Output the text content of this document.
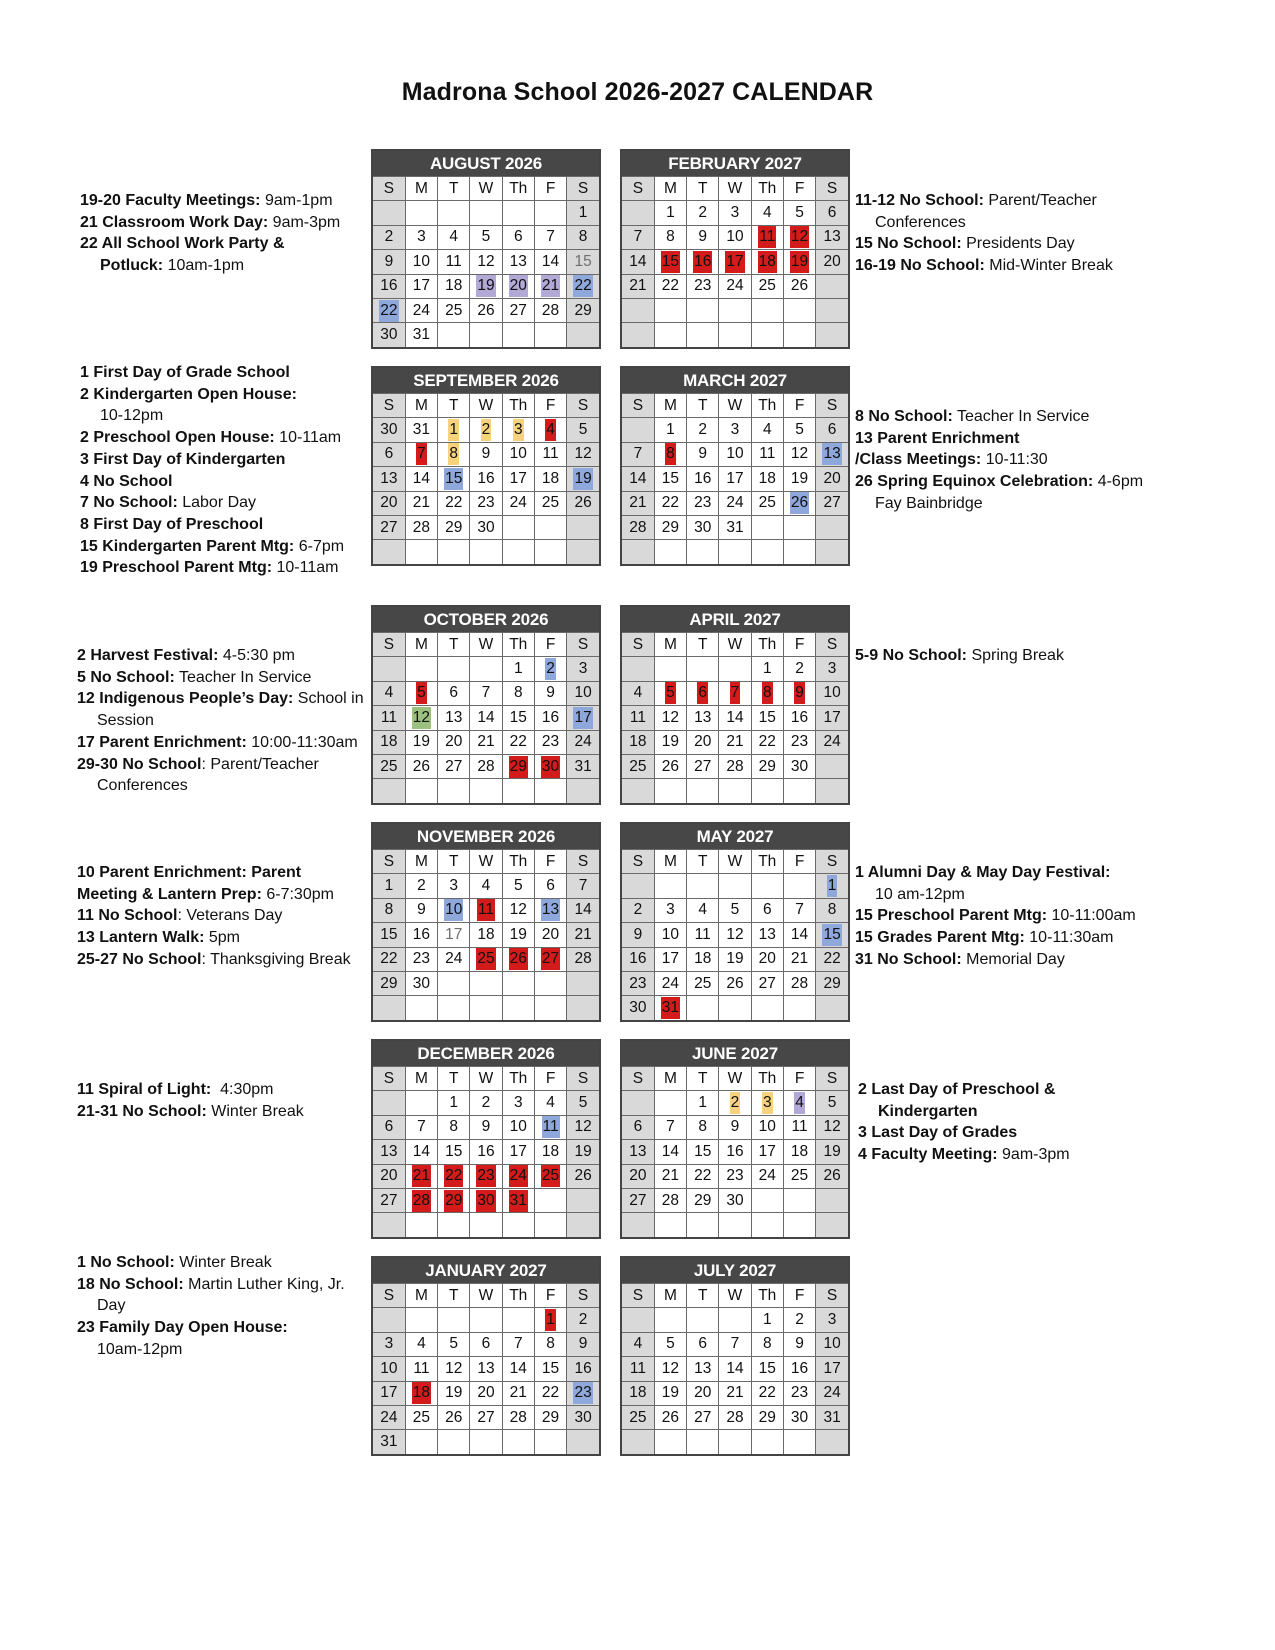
Madrona School 2026-2027 CALENDAR
19-20 Faculty Meetings: 9am-1pm
21 Classroom Work Day: 9am-3pm
22 All School Work Party &
Potluck: 10am-1pm
AUGUST 2026
S	M	T	W	Th	F	S
						1
2	3	4	5	6	7	8
9	10	11	12	13	14	15
16	17	18	19	20	21	22
22	24	25	26	27	28	29
30	31					
FEBRUARY 2027
S	M	T	W	Th	F	S
	1	2	3	4	5	6
7	8	9	10	11	12	13
14	15	16	17	18	19	20
21	22	23	24	25	26	

11-12 No School: Parent/Teacher
Conferences
15 No School: Presidents Day
16-19 No School: Mid-Winter Break
1 First Day of Grade School
2 Kindergarten Open House:
10-12pm
2 Preschool Open House: 10-11am
3 First Day of Kindergarten
4 No School
7 No School: Labor Day
8 First Day of Preschool
15 Kindergarten Parent Mtg: 6-7pm
19 Preschool Parent Mtg: 10-11am
SEPTEMBER 2026
S	M	T	W	Th	F	S
30	31	1	2	3	4	5
6	7	8	9	10	11	12
13	14	15	16	17	18	19
20	21	22	23	24	25	26
27	28	29	30			

MARCH 2027
S	M	T	W	Th	F	S
	1	2	3	4	5	6
7	8	9	10	11	12	13
14	15	16	17	18	19	20
21	22	23	24	25	26	27
28	29	30	31			

8 No School: Teacher In Service
13 Parent Enrichment
/Class Meetings: 10-11:30
26 Spring Equinox Celebration: 4-6pm
Fay Bainbridge
2 Harvest Festival: 4-5:30 pm
5 No School: Teacher In Service
12 Indigenous People’s Day: School in
Session
17 Parent Enrichment: 10:00-11:30am
29-30 No School: Parent/Teacher
Conferences
OCTOBER 2026
S	M	T	W	Th	F	S
				1	2	3
4	5	6	7	8	9	10
11	12	13	14	15	16	17
18	19	20	21	22	23	24
25	26	27	28	29	30	31

APRIL 2027
S	M	T	W	Th	F	S
				1	2	3
4	5	6	7	8	9	10
11	12	13	14	15	16	17
18	19	20	21	22	23	24
25	26	27	28	29	30	

5-9 No School: Spring Break
10 Parent Enrichment: Parent
Meeting & Lantern Prep: 6-7:30pm
11 No School: Veterans Day
13 Lantern Walk: 5pm
25-27 No School: Thanksgiving Break
NOVEMBER 2026
S	M	T	W	Th	F	S
1	2	3	4	5	6	7
8	9	10	11	12	13	14
15	16	17	18	19	20	21
22	23	24	25	26	27	28
29	30					

MAY 2027
S	M	T	W	Th	F	S
						1
2	3	4	5	6	7	8
9	10	11	12	13	14	15
16	17	18	19	20	21	22
23	24	25	26	27	28	29
30	31					
1 Alumni Day & May Day Festival:
10 am-12pm
15 Preschool Parent Mtg: 10-11:00am
15 Grades Parent Mtg: 10-11:30am
31 No School: Memorial Day
11 Spiral of Light:  4:30pm
21-31 No School: Winter Break
DECEMBER 2026
S	M	T	W	Th	F	S
		1	2	3	4	5
6	7	8	9	10	11	12
13	14	15	16	17	18	19
20	21	22	23	24	25	26
27	28	29	30	31		

JUNE 2027
S	M	T	W	Th	F	S
		1	2	3	4	5
6	7	8	9	10	11	12
13	14	15	16	17	18	19
20	21	22	23	24	25	26
27	28	29	30			

2 Last Day of Preschool &
Kindergarten
3 Last Day of Grades
4 Faculty Meeting: 9am-3pm
1 No School: Winter Break
18 No School: Martin Luther King, Jr.
Day
23 Family Day Open House:
10am-12pm
JANUARY 2027
S	M	T	W	Th	F	S
					1	2
3	4	5	6	7	8	9
10	11	12	13	14	15	16
17	18	19	20	21	22	23
24	25	26	27	28	29	30
31						
JULY 2027
S	M	T	W	Th	F	S
				1	2	3
4	5	6	7	8	9	10
11	12	13	14	15	16	17
18	19	20	21	22	23	24
25	26	27	28	29	30	31
